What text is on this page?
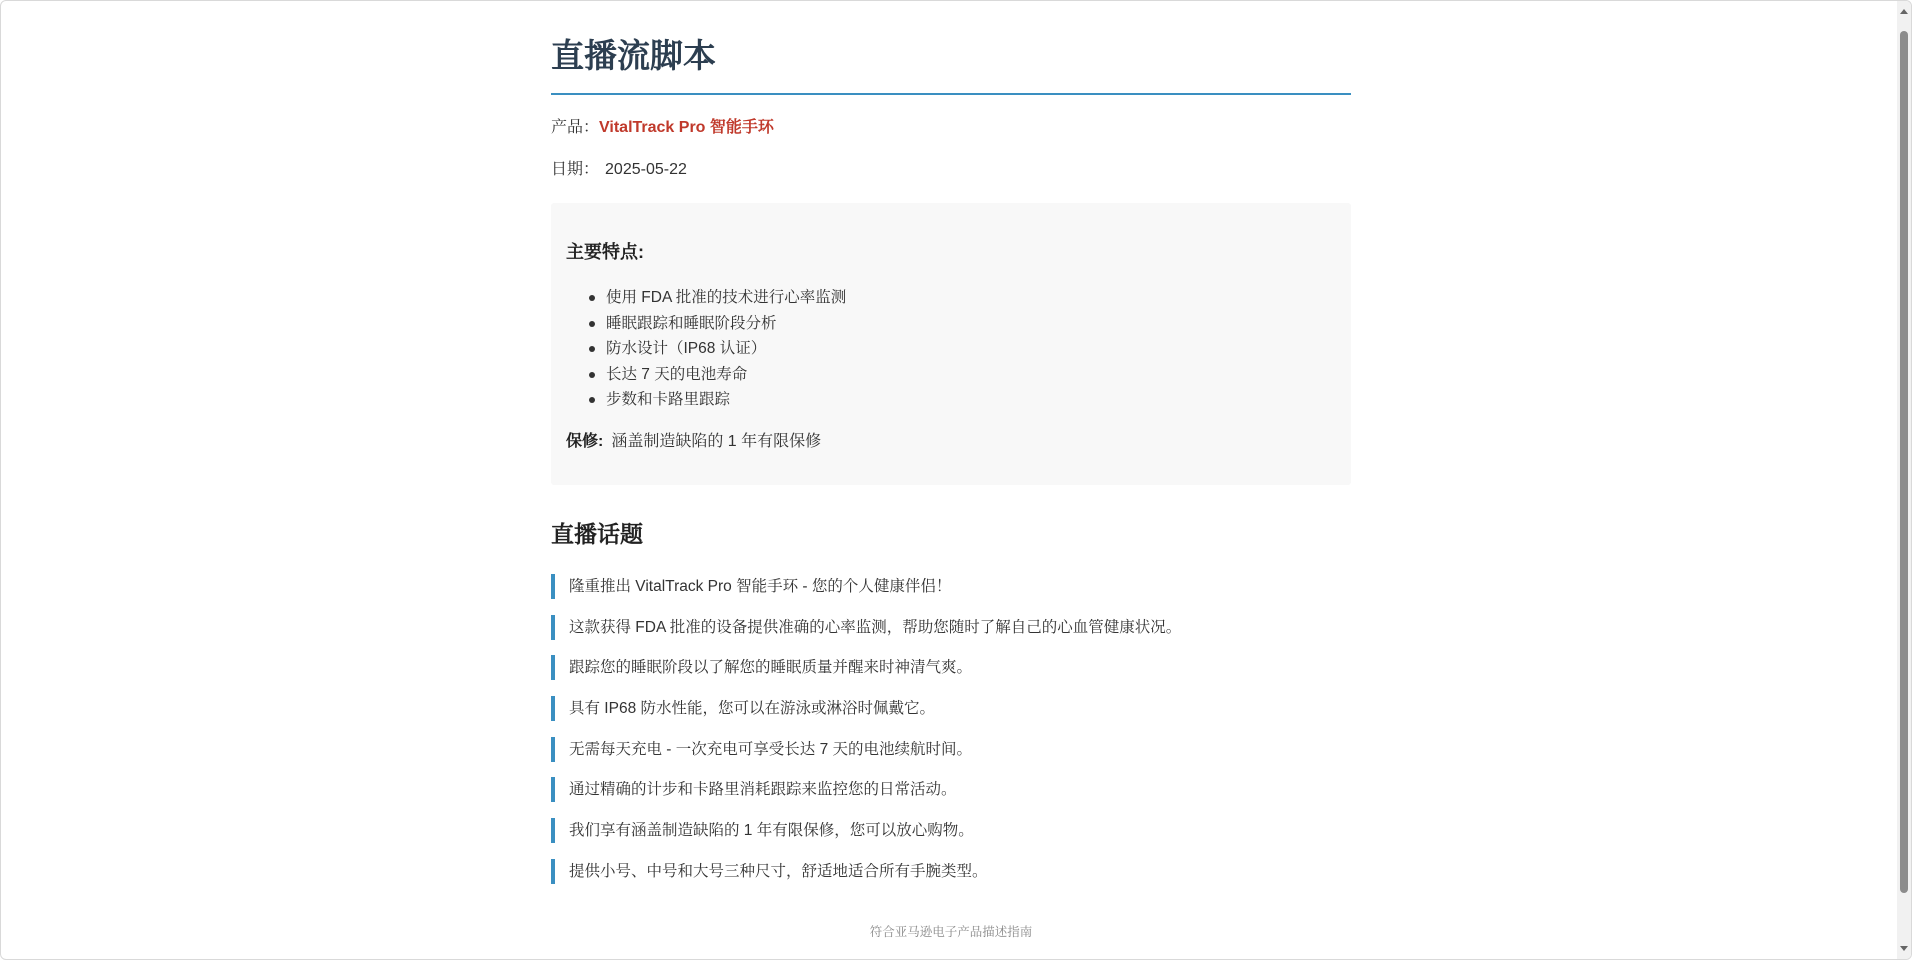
直播流脚本
产品：VitalTrack Pro 智能手环
日期： 2025-05-22
主要特点:
使用 FDA 批准的技术进行心率监测
睡眠跟踪和睡眠阶段分析
防水设计（IP68 认证）
长达 7 天的电池寿命
步数和卡路里跟踪
保修: 涵盖制造缺陷的 1 年有限保修
直播话题
隆重推出 VitalTrack Pro 智能手环 - 您的个人健康伴侣！
这款获得 FDA 批准的设备提供准确的心率监测，帮助您随时了解自己的心血管健康状况。
跟踪您的睡眠阶段以了解您的睡眠质量并醒来时神清气爽。
具有 IP68 防水性能，您可以在游泳或淋浴时佩戴它。
无需每天充电 - 一次充电可享受长达 7 天的电池续航时间。
通过精确的计步和卡路里消耗跟踪来监控您的日常活动。
我们享有涵盖制造缺陷的 1 年有限保修，您可以放心购物。
提供小号、中号和大号三种尺寸，舒适地适合所有手腕类型。
符合亚马逊电子产品描述指南
